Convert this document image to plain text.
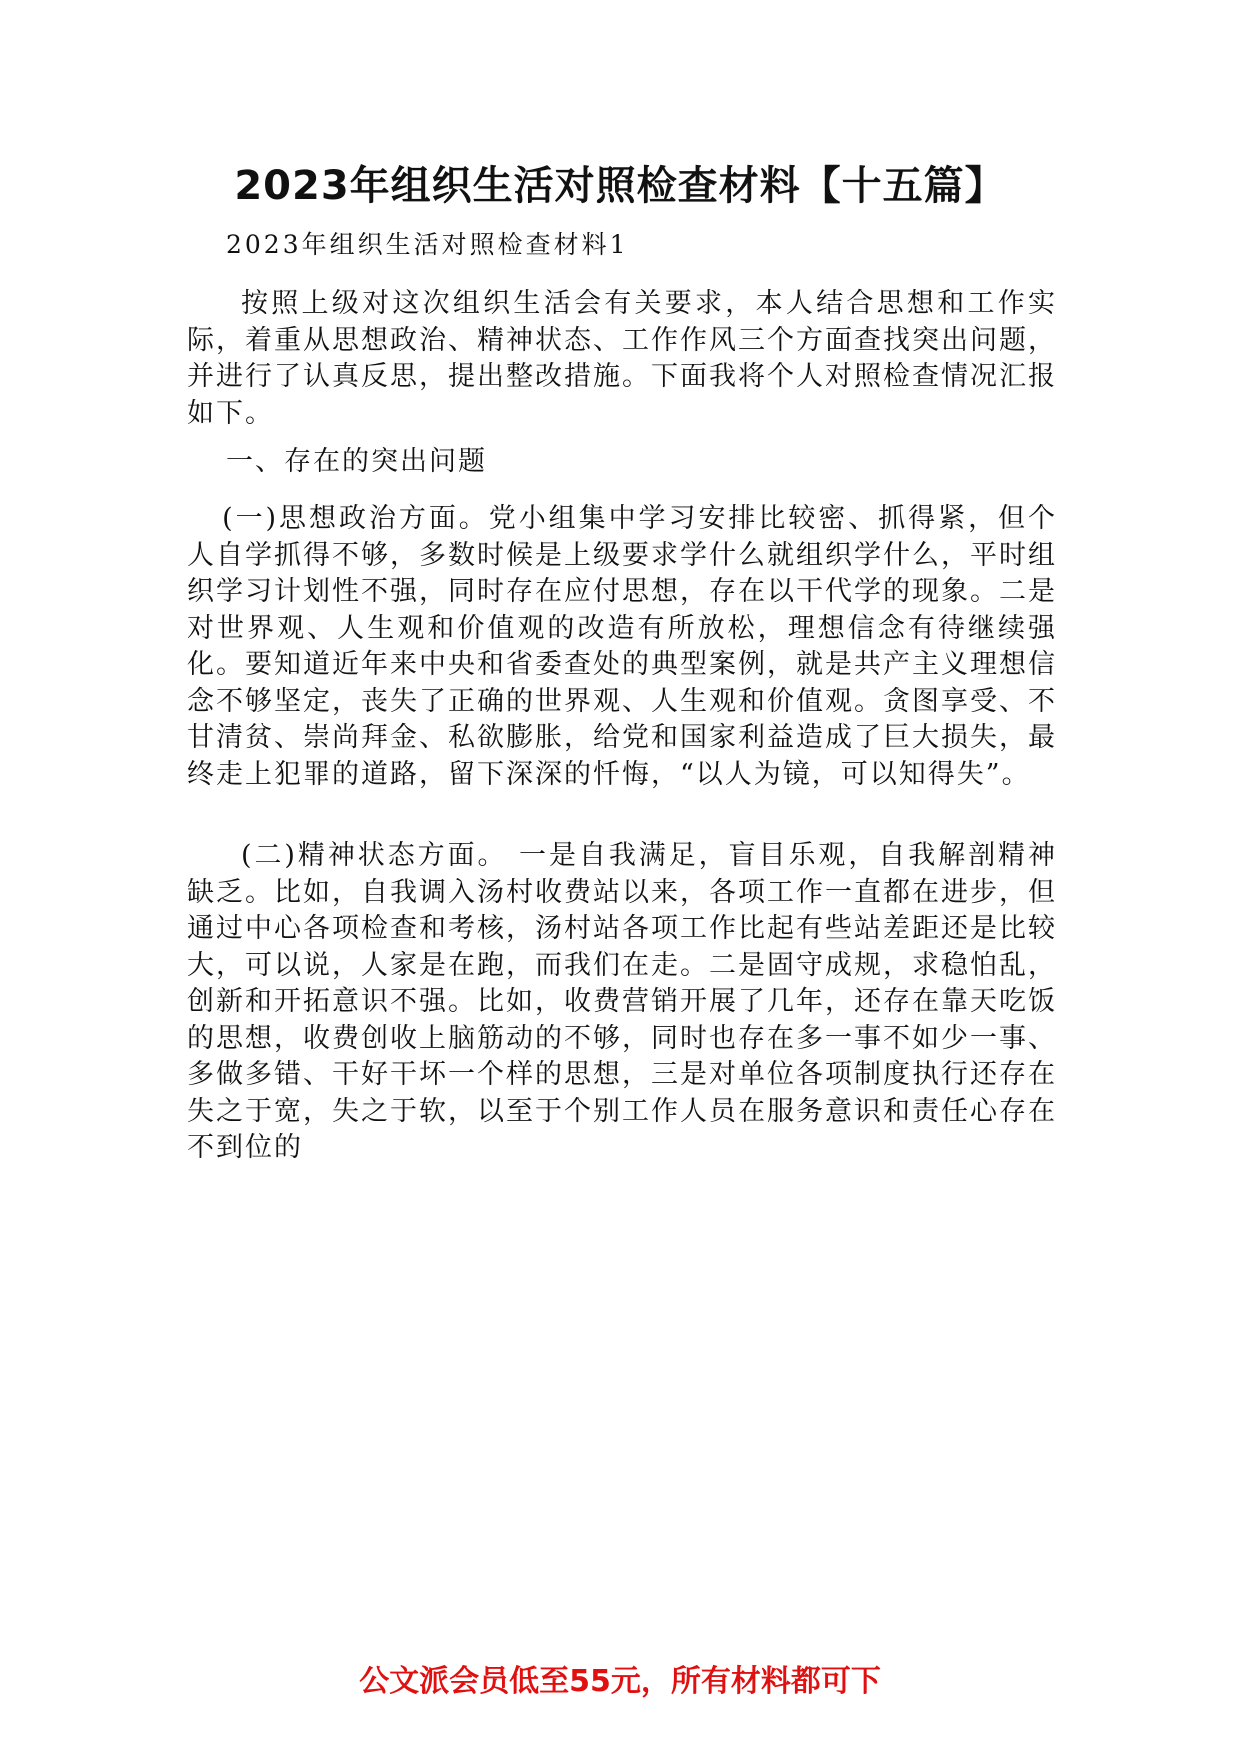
2023年组织生活对照检查材料【十五篇】
2023年组织生活对照检查材料1

按照上级对这次组织生活会有关要求，本人结合思想和工作实际，着重从思想政治、精神状态、工作作风三个方面查找突出问题，并进行了认真反思，提出整改措施。下面我将个人对照检查情况汇报如下。

一、存在的突出问题

(一)思想政治方面。党小组集中学习安排比较密、抓得紧，但个人自学抓得不够，多数时候是上级要求学什么就组织学什么，平时组织学习计划性不强，同时存在应付思想，存在以干代学的现象。二是对世界观、人生观和价值观的改造有所放松，理想信念有待继续强化。要知道近年来中央和省委查处的典型案例，就是共产主义理想信念不够坚定，丧失了正确的世界观、人生观和价值观。贪图享受、不甘清贫、崇尚拜金、私欲膨胀，给党和国家利益造成了巨大损失，最终走上犯罪的道路，留下深深的忏悔，“以人为镜，可以知得失”。

(二)精神状态方面。 一是自我满足，盲目乐观，自我解剖精神缺乏。比如，自我调入汤村收费站以来，各项工作一直都在进步，但通过中心各项检查和考核，汤村站各项工作比起有些站差距还是比较大，可以说，人家是在跑，而我们在走。二是固守成规，求稳怕乱，创新和开拓意识不强。比如，收费营销开展了几年，还存在靠天吃饭的思想，收费创收上脑筋动的不够，同时也存在多一事不如少一事、多做多错、干好干坏一个样的思想，三是对单位各项制度执行还存在失之于宽，失之于软，以至于个别工作人员在服务意识和责任心存在不到位的

公文派会员低至55元，所有材料都可下
